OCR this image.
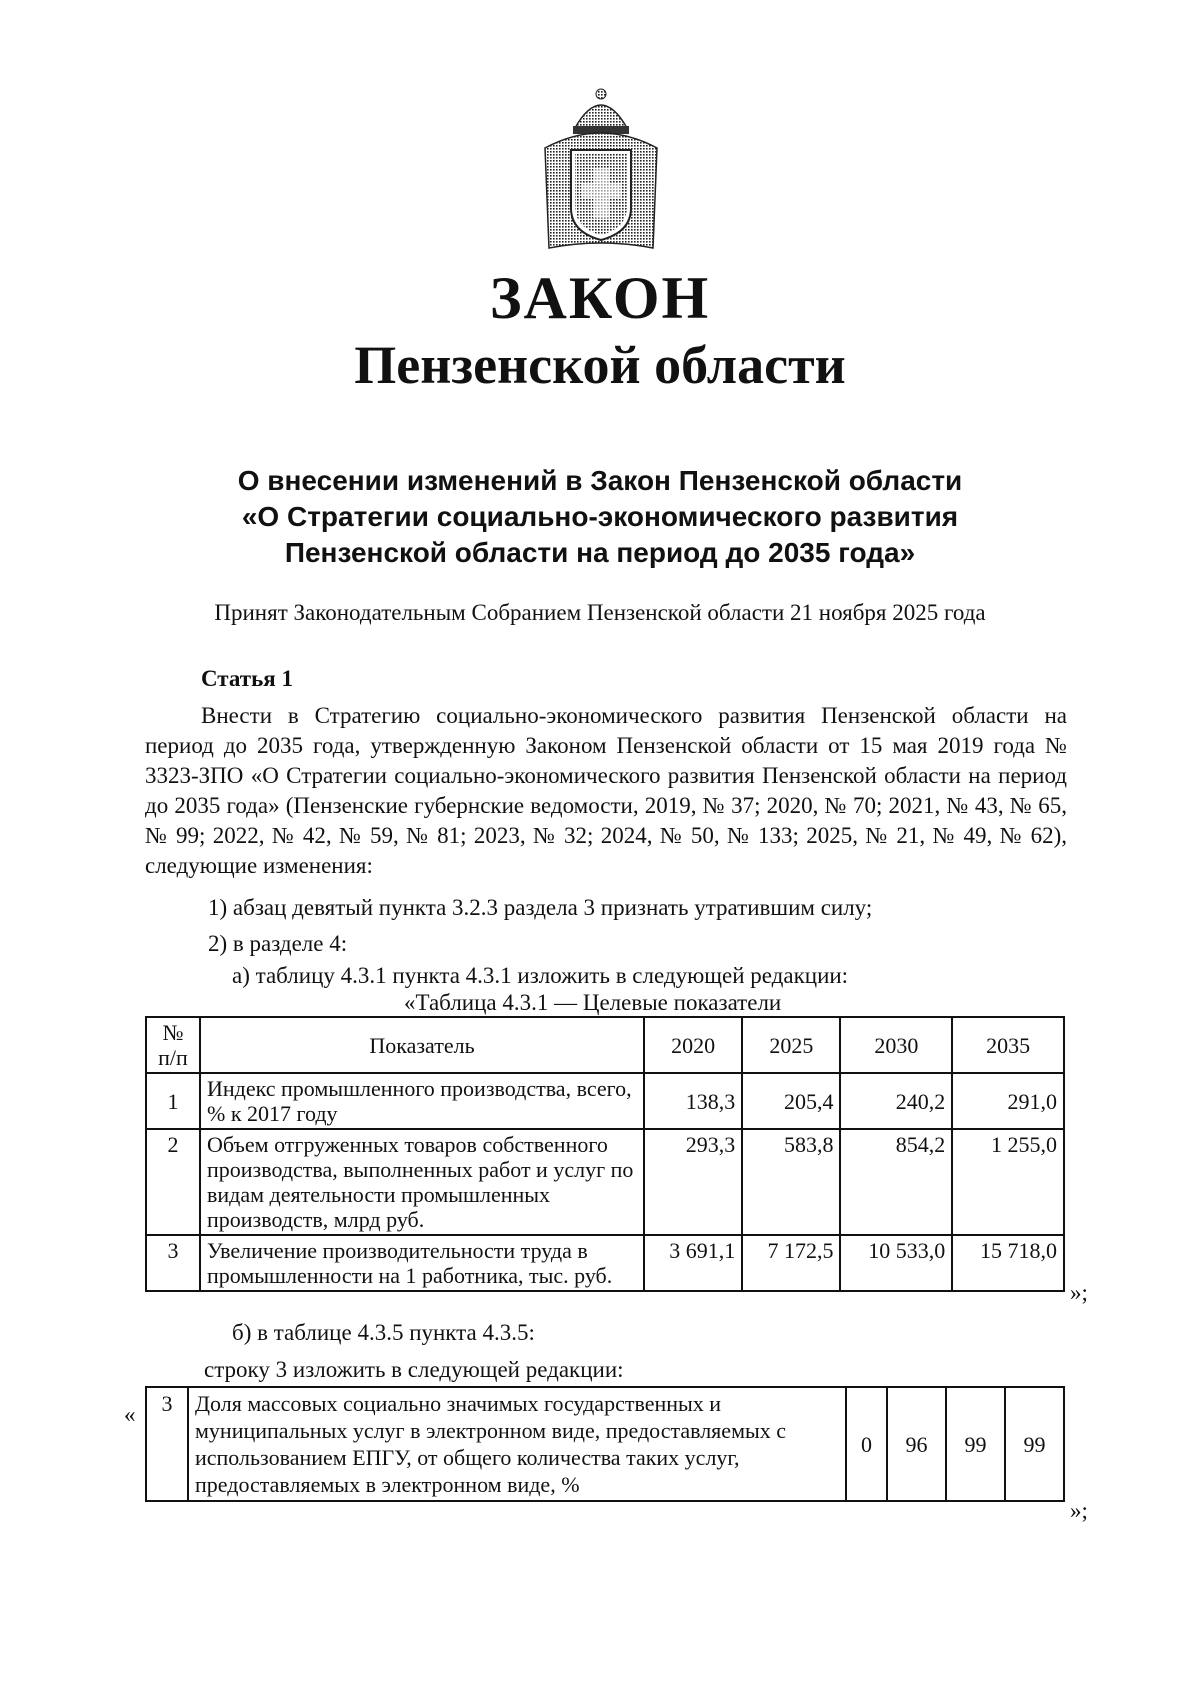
ЗАКОН
Пензенской области
О внесении изменений в Закон Пензенской области
«О Стратегии социально-экономического развития
Пензенской области на период до 2035 года»
Принят Законодательным Собранием Пензенской области 21 ноября 2025 года
Статья 1

Внести в Стратегию социально-экономического развития Пензенской области на период до 2035 года, утвержденную Законом Пензенской области от 15 мая 2019 года № 3323-ЗПО «О Стратегии социально-экономического развития Пензенской области на период до 2035 года» (Пензенские губернские ведомости, 2019, № 37; 2020, № 70; 2021, № 43, № 65, № 99; 2022, № 42, № 59, № 81; 2023, № 32; 2024, № 50, № 133; 2025, № 21, № 49, № 62), следующие изменения:

1) абзац девятый пункта 3.2.3 раздела 3 признать утратившим силу;
2) в разделе 4:
а) таблицу 4.3.1 пункта 4.3.1 изложить в следующей редакции:
«Таблица 4.3.1 — Целевые показатели
№ п/п	Показатель	2020	2025	2030	2035
1	Индекс промышленного производства, всего, % к 2017 году	138,3	205,4	240,2	291,0
2	Объем отгруженных товаров собственного производства, выполненных работ и услуг по видам деятельности промышленных производств, млрд руб.	293,3	583,8	854,2	1 255,0
3	Увеличение производительности труда в промышленности на 1 работника, тыс. руб.	3 691,1	7 172,5	10 533,0	15 718,0
»;
б) в таблице 4.3.5 пункта 4.3.5:
строку 3 изложить в следующей редакции:
« 3	Доля массовых социально значимых государственных и муниципальных услуг в электронном виде, предоставляемых с использованием ЕПГУ, от общего количества таких услуг, предоставляемых в электронном виде, %	0	96	99	99
»;
